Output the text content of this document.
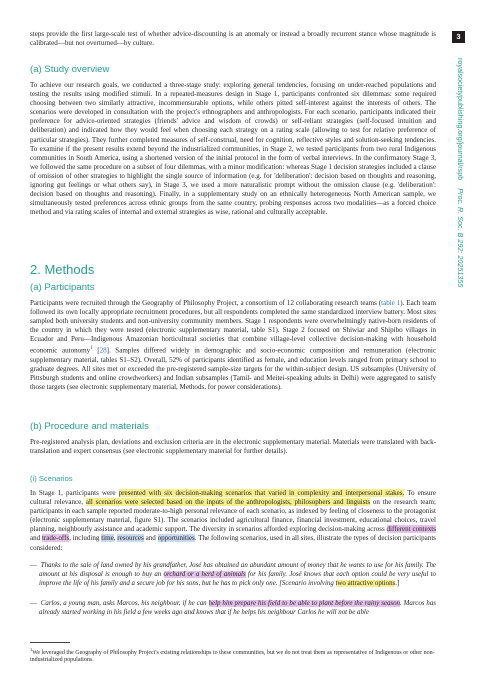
3
royalsocietypublishing.org/journal/rspb    Proc. R. Soc. B 292: 20251355

steps provide the first large-scale test of whether advice-discounting is an anomaly or instead a broadly recurrent stance whose magnitude is calibrated—but not overturned—by culture.

(a) Study overview

To achieve our research goals, we conducted a three-stage study: exploring general tendencies, focusing on under-reached populations and testing the results using modified stimuli. In a repeated-measures design in Stage 1, participants confronted six dilemmas: some required choosing between two similarly attractive, incommensurable options, while others pitted self-interest against the interests of others. The scenarios were developed in consultation with the project's ethnographers and anthropologists. For each scenario, participants indicated their preference for advice-oriented strategies (friends' advice and wisdom of crowds) or self-reliant strategies (self-focused intuition and deliberation) and indicated how they would feel when choosing each strategy on a rating scale (allowing to test for relative preference of particular strategies). They further completed measures of self-construal, need for cognition, reflective styles and solution-seeking tendencies. To examine if the present results extend beyond the industrialized communities, in Stage 2, we tested participants from two rural Indigenous communities in South America, using a shortened version of the initial protocol in the form of verbal interviews. In the confirmatory Stage 3, we followed the same procedure on a subset of four dilemmas, with a minor modification: whereas Stage 1 decision strategies included a clause of omission of other strategies to highlight the single source of information (e.g. for 'deliberation': decision based on thoughts and reasoning, ignoring gut feelings or what others say), in Stage 3, we used a more naturalistic prompt without the omission clause (e.g. 'deliberation': decision based on thoughts and reasoning). Finally, in a supplementary study on an ethnically heterogeneous North American sample, we simultaneously tested preferences across ethnic groups from the same country, probing responses across two modalities—as a forced choice method and via rating scales of internal and external strategies as wise, rational and culturally acceptable.

2. Methods
(a) Participants

Participants were recruited through the Geography of Philosophy Project, a consortium of 12 collaborating research teams (table 1). Each team followed its own locally appropriate recruitment procedures, but all respondents completed the same standardized interview battery. Most sites sampled both university students and non-university community members. Stage 1 respondents were overwhelmingly native-born residents of the country in which they were tested (electronic supplementary material, table S1). Stage 2 focused on Shiwiar and Shipibo villages in Ecuador and Peru—Indigenous Amazonian horticultural societies that combine village-level collective decision-making with household economic autonomy$^1$ [28]. Samples differed widely in demographic and socio-economic composition and remuneration (electronic supplementary material, tables S1–S2). Overall, 52% of participants identified as female, and education levels ranged from primary school to graduate degrees. All sites met or exceeded the pre-registered sample-size targets for the within-subject design. US subsamples (University of Pittsburgh students and online crowdworkers) and Indian subsamples (Tamil- and Meitei-speaking adults in Delhi) were aggregated to satisfy those targets (see electronic supplementary material, Methods, for power considerations).

(b) Procedure and materials

Pre-registered analysis plan, deviations and exclusion criteria are in the electronic supplementary material. Materials were translated with back-translation and expert consensus (see electronic supplementary material for further details).

(i) Scenarios

In Stage 1, participants were presented with six decision-making scenarios that varied in complexity and interpersonal stakes. To ensure cultural relevance, all scenarios were selected based on the inputs of the anthropologists, philosophers and linguists on the research team; participants in each sample reported moderate-to-high personal relevance of each scenario, as indexed by feeling of closeness to the protagonist (electronic supplementary material, figure S1). The scenarios included agricultural finance, financial investment, educational choices, travel planning, neighbourly assistance and academic support. The diversity in scenarios afforded exploring decision-making across different contexts and trade-offs, including time, resources and opportunities. The following scenarios, used in all sites, illustrate the types of decision participants considered:

— Thanks to the sale of land owned by his grandfather, José has obtained an abundant amount of money that he wants to use for his family. The amount at his disposal is enough to buy an orchard or a herd of animals for his family. José knows that each option could be very useful to improve the life of his family and a secure job for his sons, but he has to pick only one. [Scenario involving two attractive options.]

— Carlos, a young man, asks Marcos, his neighbour, if he can help him prepare his field to be able to plant before the rainy season. Marcos has already started working in his field a few weeks ago and knows that if he helps his neighbour Carlos he will not be able

$^1$We leveraged the Geography of Philosophy Project's existing relationships to these communities, but we do not treat them as representative of Indigenous or other non-industrialized populations.
